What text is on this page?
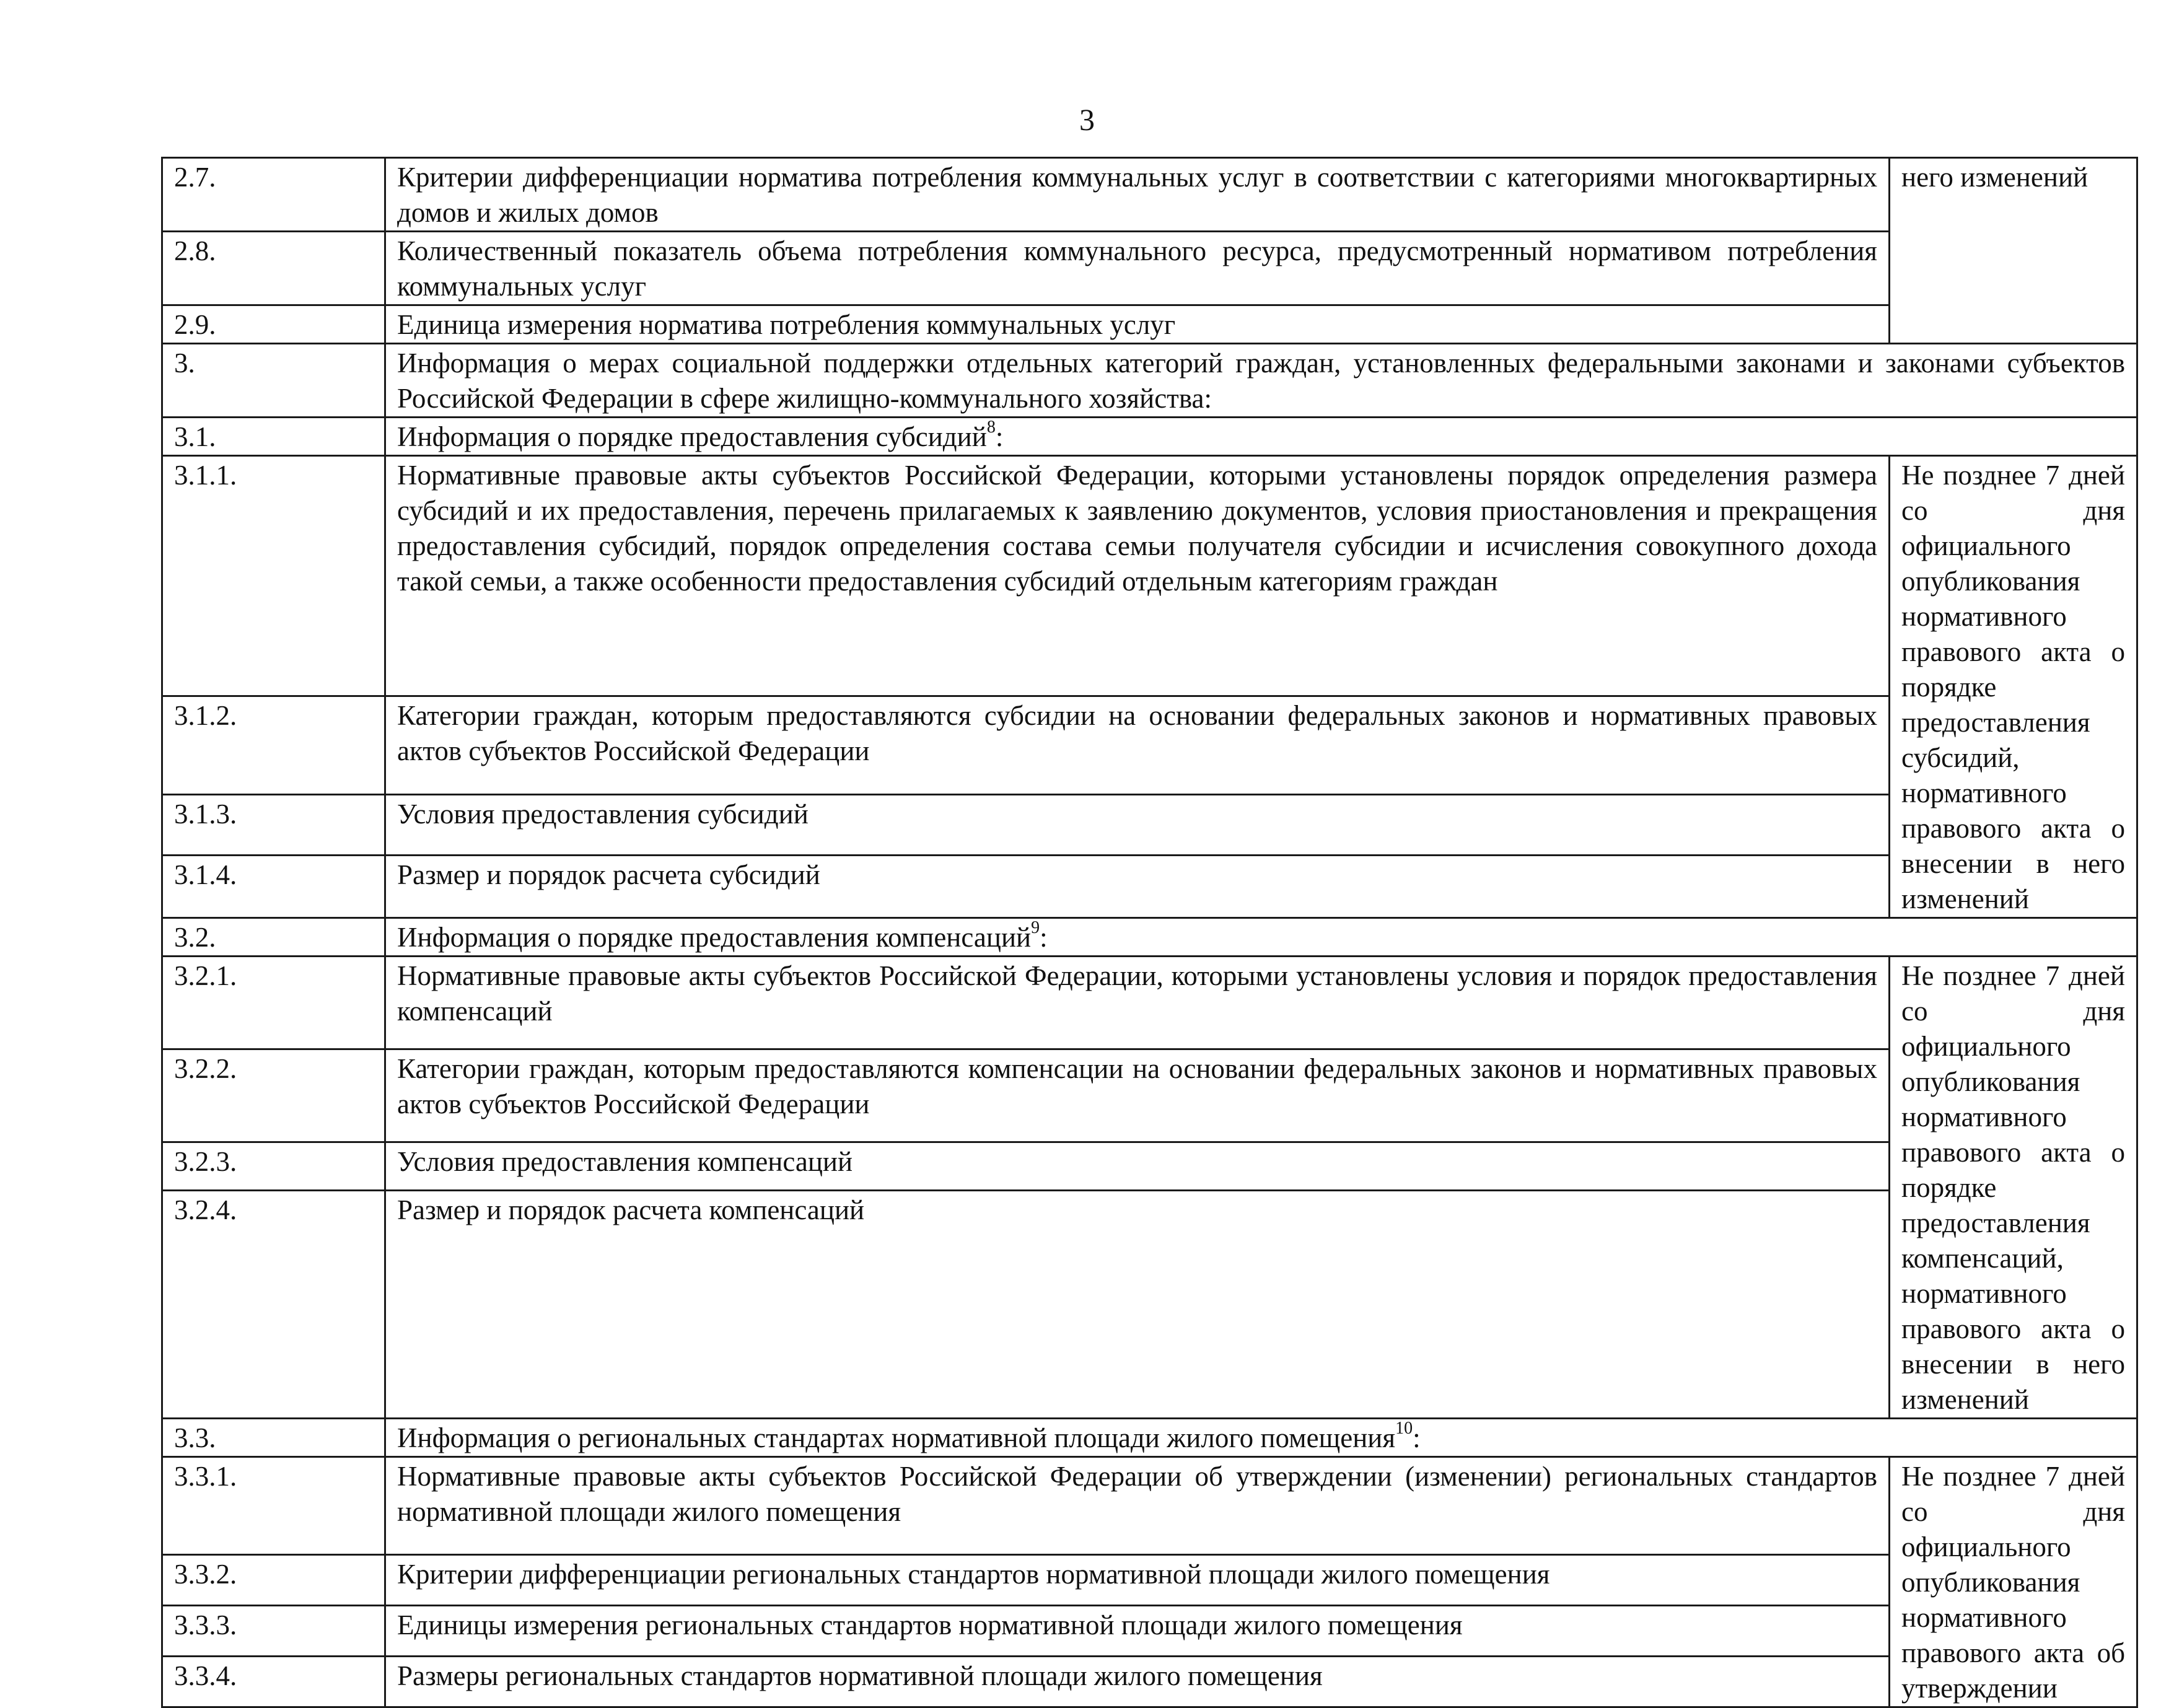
3
2.7.	Критерии дифференциации норматива потребления коммунальных услуг в соответствии с категориями многоквартирных домов и жилых домов	него изменений
2.8.	Количественный показатель объема потребления коммунального ресурса, предусмотренный нормативом потребления коммунальных услуг	
2.9.	Единица измерения норматива потребления коммунальных услуг	
3.	Информация о мерах социальной поддержки отдельных категорий граждан, установленных федеральными законами и законами субъектов Российской Федерации в сфере жилищно-коммунального хозяйства:	
3.1.	Информация о порядке предоставления субсидий$^8$:	
3.1.1.	Нормативные правовые акты субъектов Российской Федерации, которыми установлены порядок определения размера субсидий и их предоставления, перечень прилагаемых к заявлению документов, условия приостановления и прекращения предоставления субсидий, порядок определения состава семьи получателя субсидии и исчисления совокупного дохода такой семьи, а также особенности предоставления субсидий отдельным категориям граждан	Не позднее 7 дней со дня официального опубликования нормативного правового акта о порядке предоставления субсидий, нормативного правового акта о внесении в него изменений
3.1.2.	Категории граждан, которым предоставляются субсидии на основании федеральных законов и нормативных правовых актов субъектов Российской Федерации	
3.1.3.	Условия предоставления субсидий	
3.1.4.	Размер и порядок расчета субсидий	
3.2.	Информация о порядке предоставления компенсаций$^9$:	
3.2.1.	Нормативные правовые акты субъектов Российской Федерации, которыми установлены условия и порядок предоставления компенсаций	Не позднее 7 дней со дня официального опубликования нормативного правового акта о порядке предоставления компенсаций, нормативного правового акта о внесении в него изменений
3.2.2.	Категории граждан, которым предоставляются компенсации на основании федеральных законов и нормативных правовых актов субъектов Российской Федерации	
3.2.3.	Условия предоставления компенсаций	
3.2.4.	Размер и порядок расчета компенсаций	
3.3.	Информация о региональных стандартах нормативной площади жилого помещения$^{10}$:	
3.3.1.	Нормативные правовые акты субъектов Российской Федерации об утверждении (изменении) региональных стандартов нормативной площади жилого помещения	Не позднее 7 дней со дня официального опубликования нормативного правового акта об утверждении
3.3.2.	Критерии дифференциации региональных стандартов нормативной площади жилого помещения	
3.3.3.	Единицы измерения региональных стандартов нормативной площади жилого помещения	
3.3.4.	Размеры региональных стандартов нормативной площади жилого помещения	
